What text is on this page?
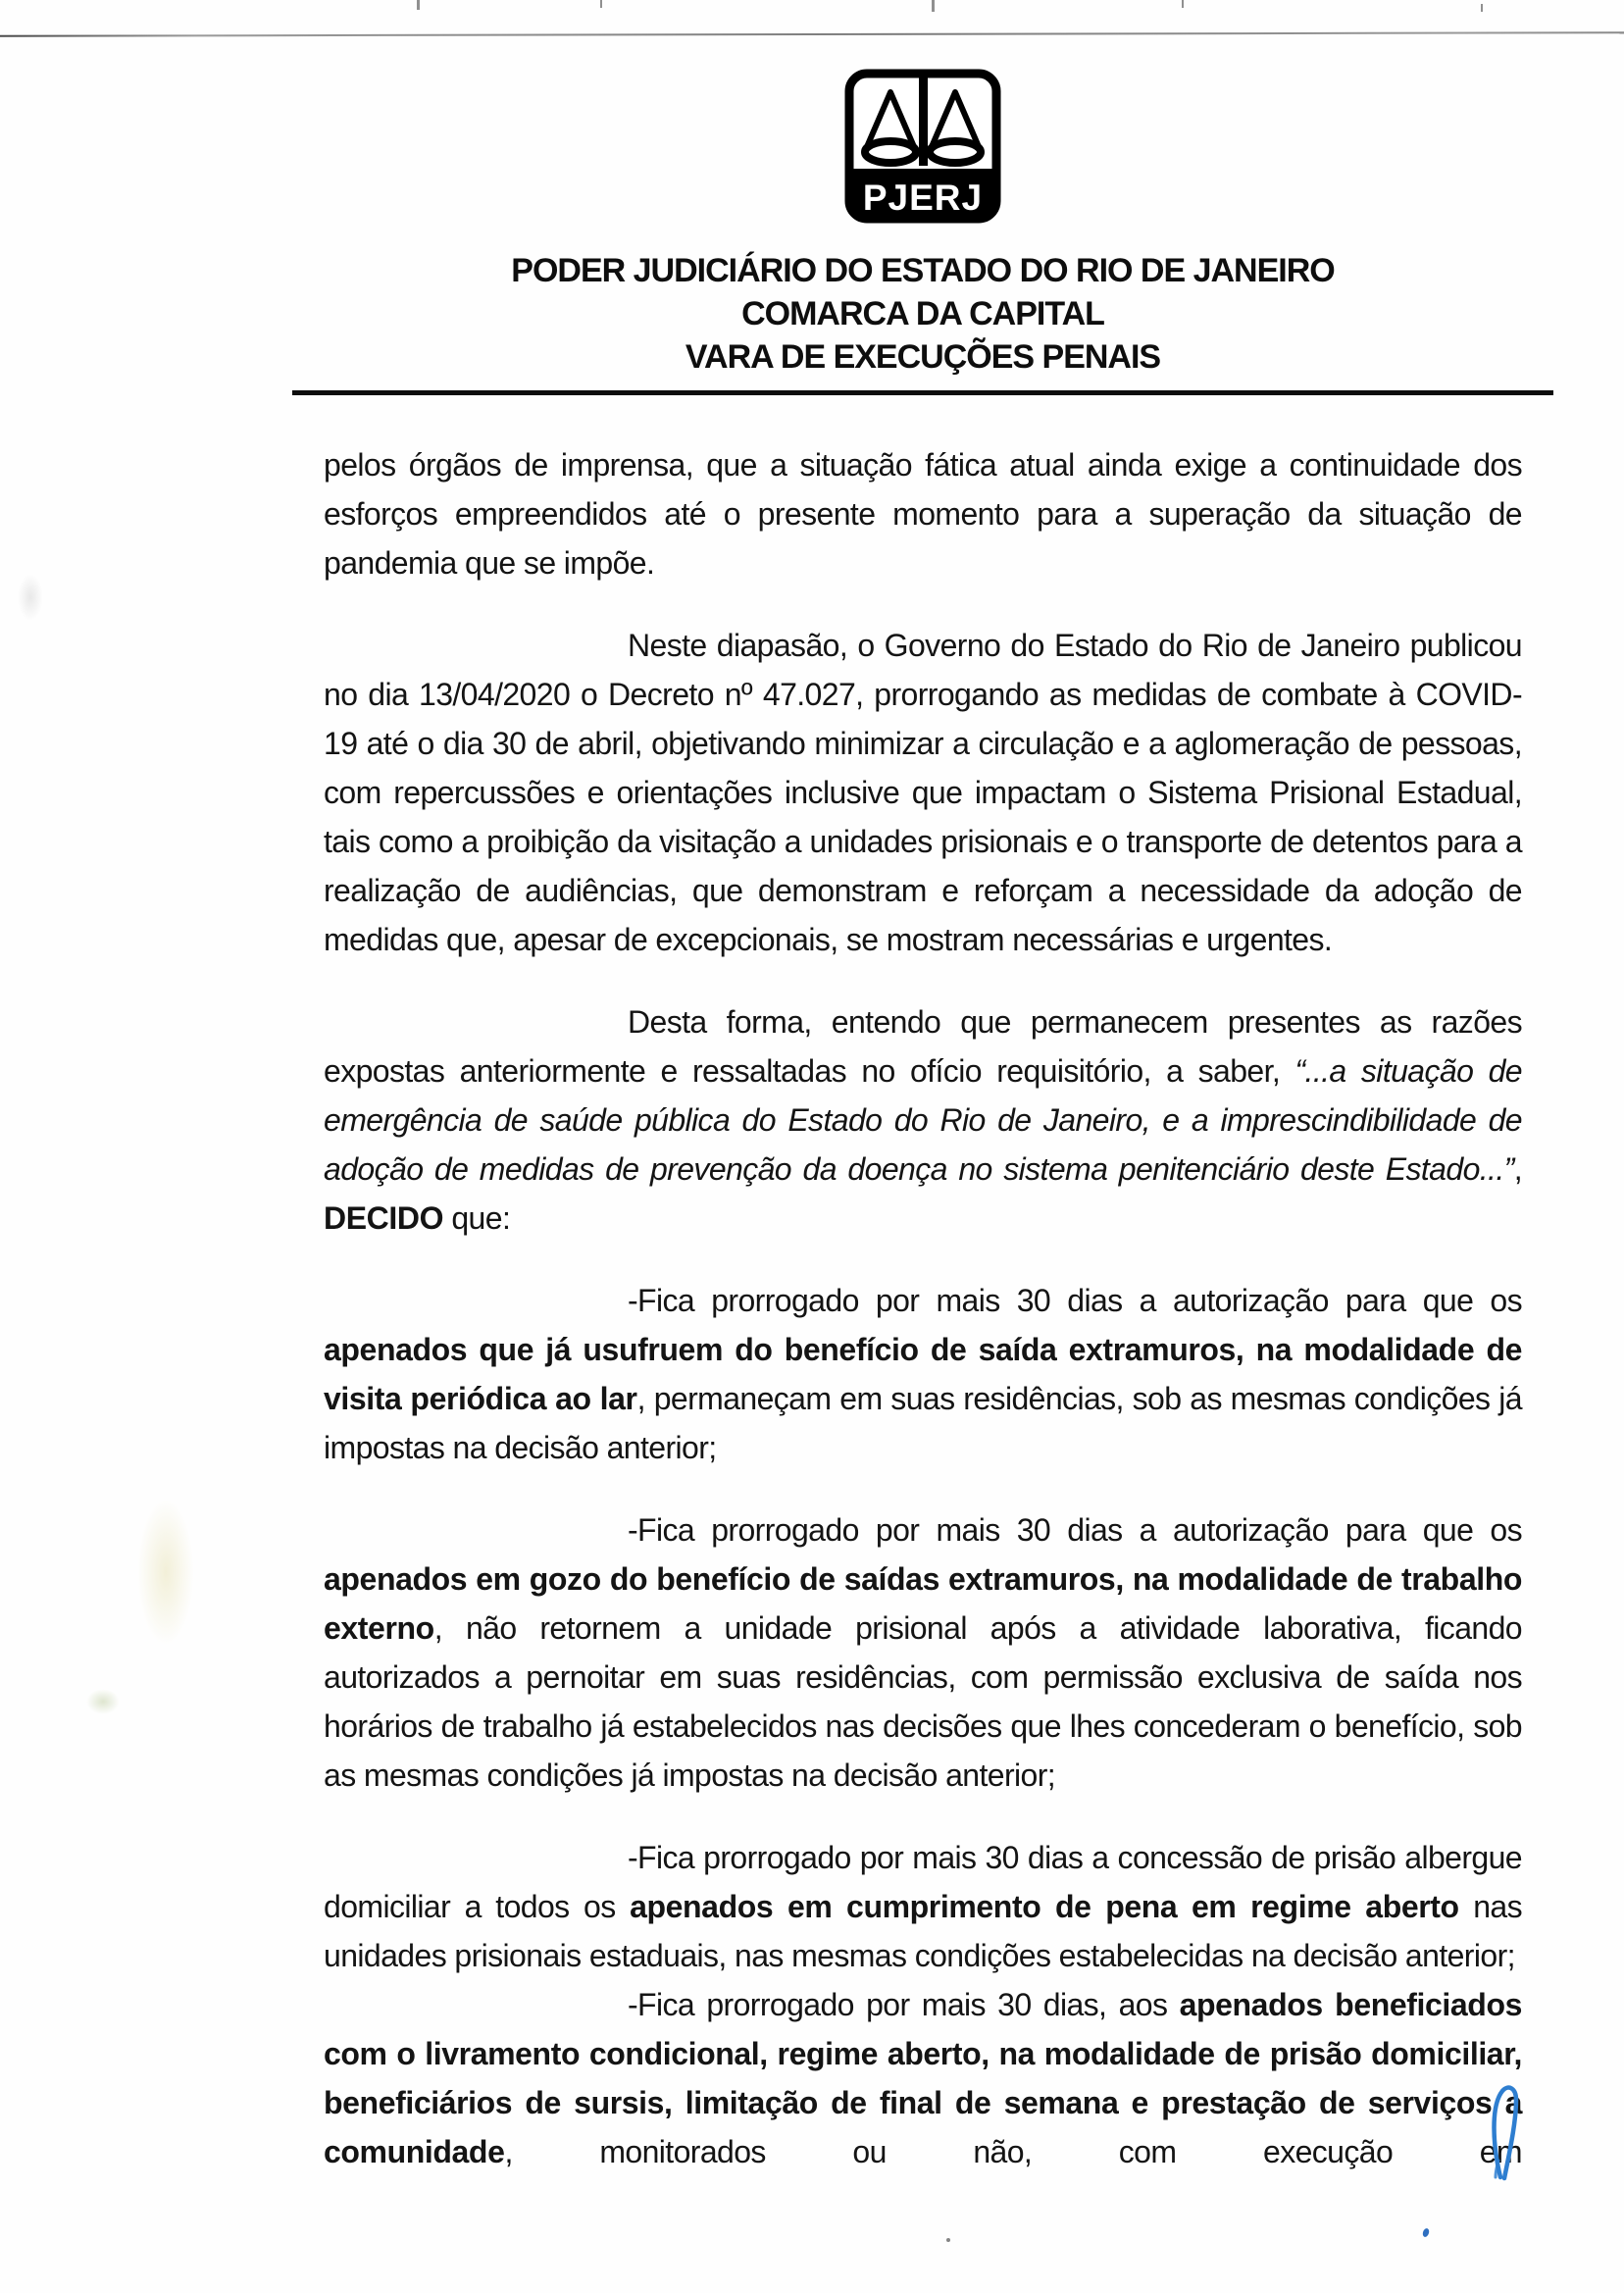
PJERJ
PODER JUDICIÁRIO DO ESTADO DO RIO DE JANEIRO
COMARCA DA CAPITAL
VARA DE EXECUÇÕES PENAIS

pelos órgãos de imprensa, que a situação fática atual ainda exige a continuidade dos esforços empreendidos até o presente momento para a superação da situação de pandemia que se impõe.

Neste diapasão, o Governo do Estado do Rio de Janeiro publicou no dia 13/04/2020 o Decreto nº 47.027, prorrogando as medidas de combate à COVID-19 até o dia 30 de abril, objetivando minimizar a circulação e a aglomeração de pessoas, com repercussões e orientações inclusive que impactam o Sistema Prisional Estadual, tais como a proibição da visitação a unidades prisionais e o transporte de detentos para a realização de audiências, que demonstram e reforçam a necessidade da adoção de medidas que, apesar de excepcionais, se mostram necessárias e urgentes.

Desta forma, entendo que permanecem presentes as razões expostas anteriormente e ressaltadas no ofício requisitório, a saber, “...a situação de emergência de saúde pública do Estado do Rio de Janeiro, e a imprescindibilidade de adoção de medidas de prevenção da doença no sistema penitenciário deste Estado...”, DECIDO que:

-Fica prorrogado por mais 30 dias a autorização para que os apenados que já usufruem do benefício de saída extramuros, na modalidade de visita periódica ao lar, permaneçam em suas residências, sob as mesmas condições já impostas na decisão anterior;

-Fica prorrogado por mais 30 dias a autorização para que os apenados em gozo do benefício de saídas extramuros, na modalidade de trabalho externo, não retornem a unidade prisional após a atividade laborativa, ficando autorizados a pernoitar em suas residências, com permissão exclusiva de saída nos horários de trabalho já estabelecidos nas decisões que lhes concederam o benefício, sob as mesmas condições já impostas na decisão anterior;

-Fica prorrogado por mais 30 dias a concessão de prisão albergue domiciliar a todos os apenados em cumprimento de pena em regime aberto nas unidades prisionais estaduais, nas mesmas condições estabelecidas na decisão anterior;

-Fica prorrogado por mais 30 dias, aos apenados beneficiados com o livramento condicional, regime aberto, na modalidade de prisão domiciliar, beneficiários de sursis, limitação de final de semana e prestação de serviços a comunidade, monitorados ou não, com execução em
